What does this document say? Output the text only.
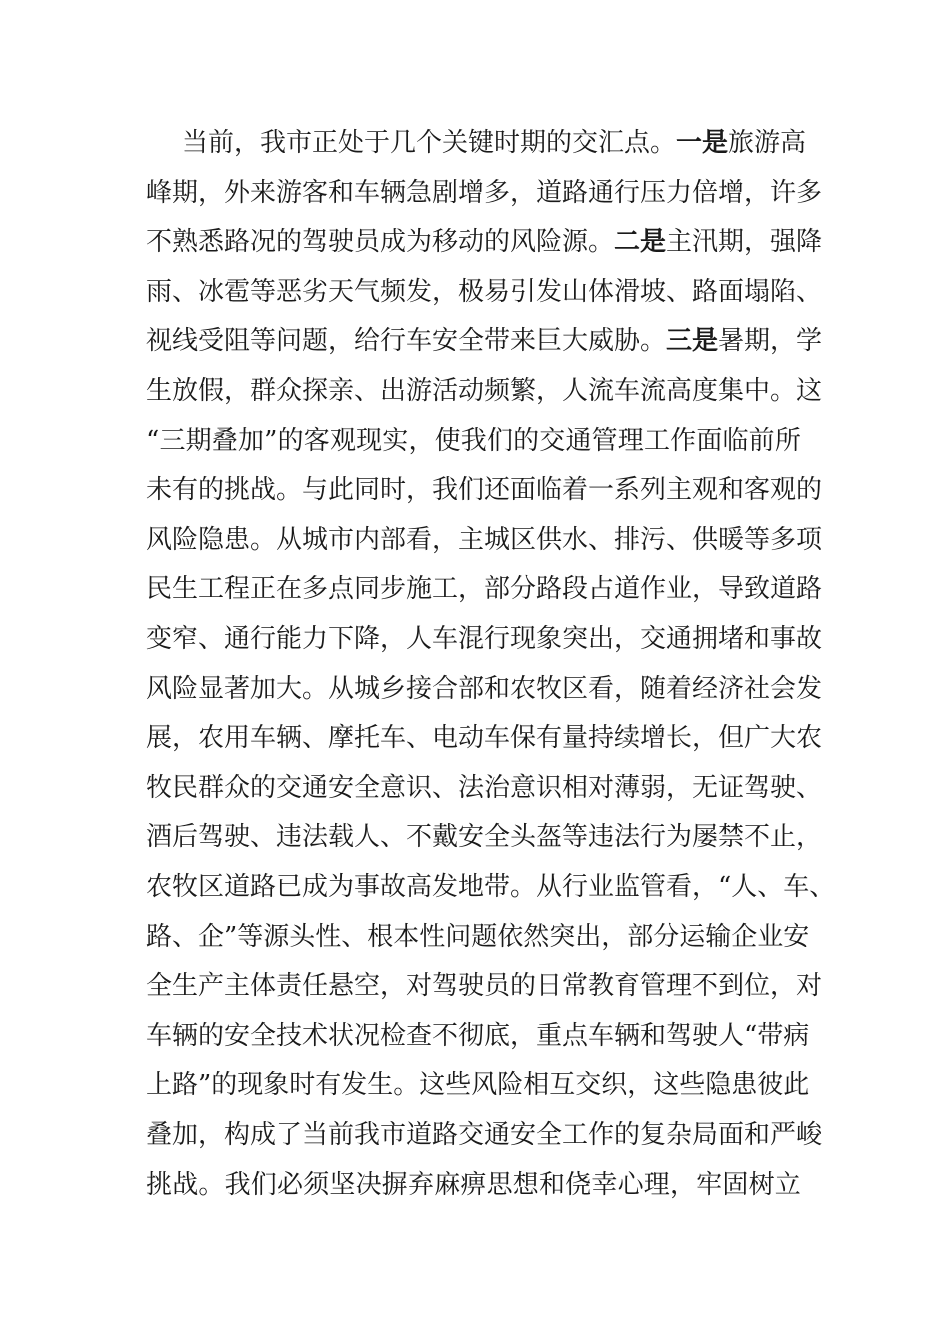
当前，我市正处于几个关键时期的交汇点。一是旅游高
峰期，外来游客和车辆急剧增多，道路通行压力倍增，许多
不熟悉路况的驾驶员成为移动的风险源。二是主汛期，强降
雨、冰雹等恶劣天气频发，极易引发山体滑坡、路面塌陷、
视线受阻等问题，给行车安全带来巨大威胁。三是暑期，学
生放假，群众探亲、出游活动频繁，人流车流高度集中。这
“三期叠加”的客观现实，使我们的交通管理工作面临前所
未有的挑战。与此同时，我们还面临着一系列主观和客观的
风险隐患。从城市内部看，主城区供水、排污、供暖等多项
民生工程正在多点同步施工，部分路段占道作业，导致道路
变窄、通行能力下降，人车混行现象突出，交通拥堵和事故
风险显著加大。从城乡接合部和农牧区看，随着经济社会发
展，农用车辆、摩托车、电动车保有量持续增长，但广大农
牧民群众的交通安全意识、法治意识相对薄弱，无证驾驶、
酒后驾驶、违法载人、不戴安全头盔等违法行为屡禁不止，
农牧区道路已成为事故高发地带。从行业监管看，“人、车、
路、企”等源头性、根本性问题依然突出，部分运输企业安
全生产主体责任悬空，对驾驶员的日常教育管理不到位，对
车辆的安全技术状况检查不彻底，重点车辆和驾驶人“带病
上路”的现象时有发生。这些风险相互交织，这些隐患彼此
叠加，构成了当前我市道路交通安全工作的复杂局面和严峻
挑战。我们必须坚决摒弃麻痹思想和侥幸心理，牢固树立
